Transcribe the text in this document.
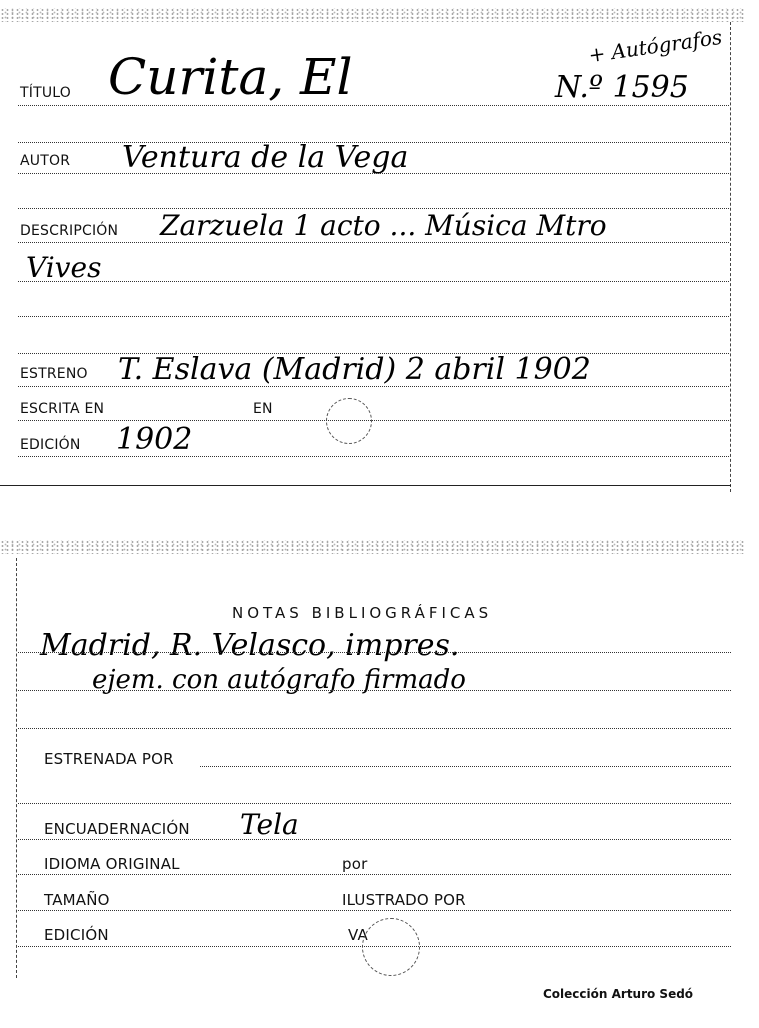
TÍTULO Curita, El
+ Autógrafos
N.º 1595
AUTOR Ventura de la Vega
DESCRIPCIÓN Zarzuela 1 acto ... Música Mtro
Vives
ESTRENO T. Eslava (Madrid) 2 abril 1902
ESCRITA EN	EN
EDICIÓN 1902
NOTAS BIBLIOGRÁFICAS
Madrid, R. Velasco, impres.
ejem. con autógrafo firmado
ESTRENADA POR
ENCUADERNACIÓN Tela
IDIOMA ORIGINAL	por
TAMAÑO	ILUSTRADO POR
EDICIÓN	VA
Colección Arturo Sedó
